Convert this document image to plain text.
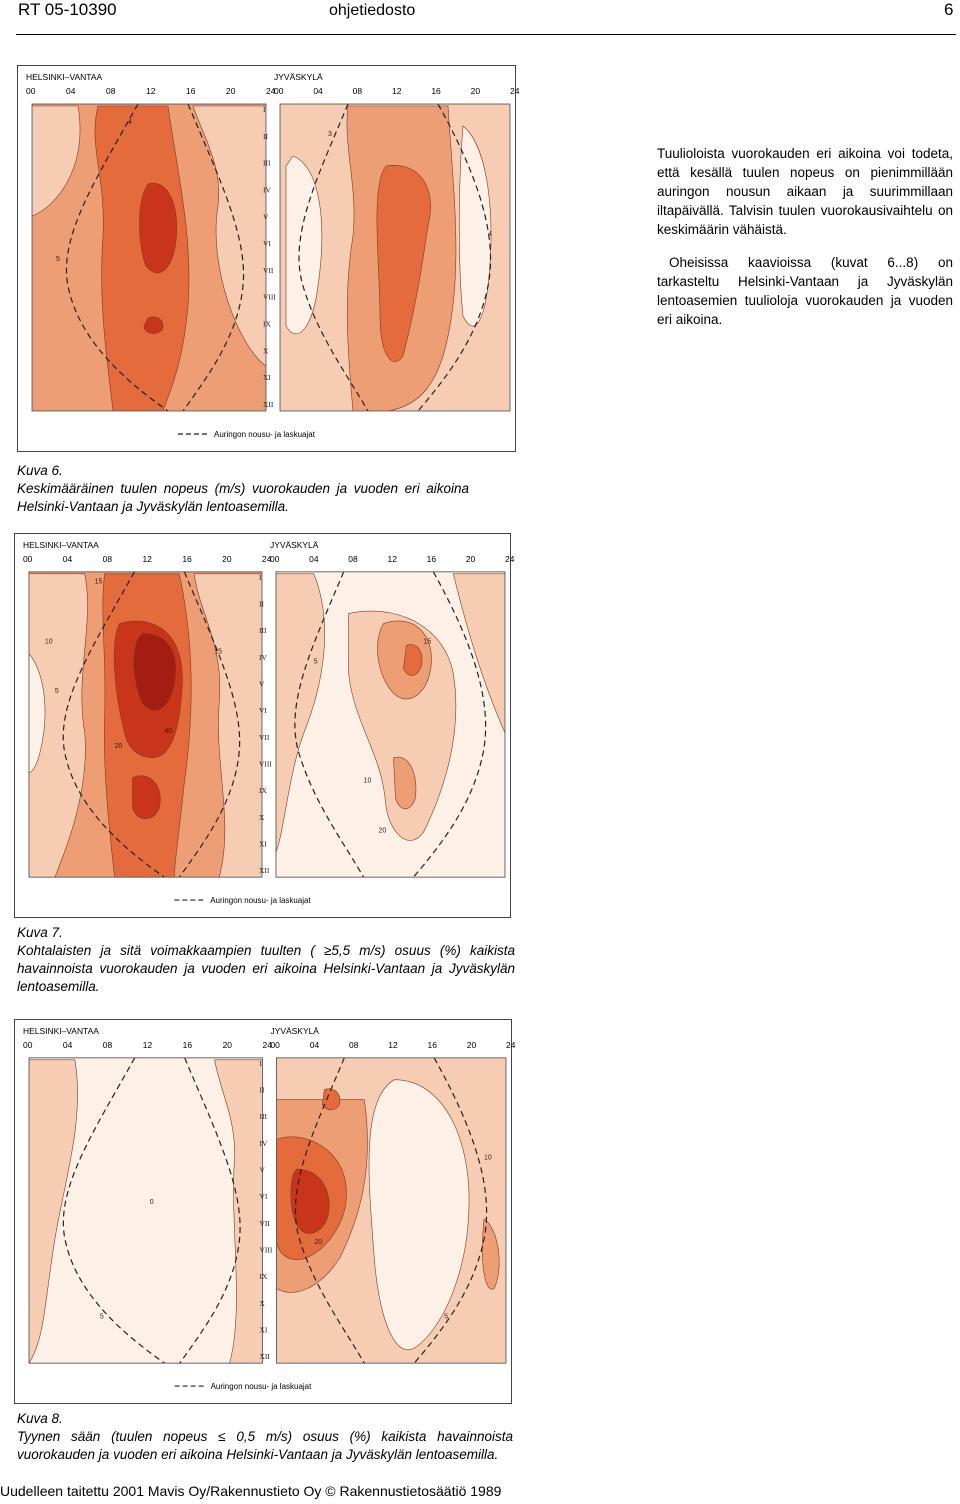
RT 05-10390	ohjetiedosto	6

Tuulioloista vuorokauden eri aikoina voi todeta, että kesällä tuulen nopeus on pienimmillään auringon nousun aikaan ja suurimmillaan iltapäivällä. Talvisin tuulen vuorokausivaihtelu on keskimäärin vähäistä.

Oheisissa kaavioissa (kuvat 6...8) on tarkasteltu Helsinki-Vantaan ja Jyväskylän lentoasemien tuulioloja vuorokauden ja vuoden eri aikoina.

HELSINKI–VANTAA	JYVÄSKYLÄ
00	00
04	04
08	08
12	12
16	16
20	20
24	24
I
II
III
IV
V
VI
VII
VIII
IX
X
XI
XII
4
5
3
4
Auringon nousu- ja laskuajat
Kuva 6.
Keskimääräinen tuulen nopeus (m/s) vuorokauden ja vuoden eri aikoina Helsinki-Vantaan ja Jyväskylän lentoasemilla.
HELSINKI–VANTAA	JYVÄSKYLÄ
00	00
04	04
08	08
12	12
16	16
20	20
24	24
I
II
III
IV
V
VI
VII
VIII
IX
X
XI
XII
15
10
5
20
40
15
5
10
15
20
Auringon nousu- ja laskuajat
Kuva 7.
Kohtalaisten ja sitä voimakkaampien tuulten ( ≥5,5 m/s) osuus (%) kaikista havainnoista vuorokauden ja vuoden eri aikoina Helsinki-Vantaan ja Jyväskylän lentoasemilla.
HELSINKI–VANTAA	JYVÄSKYLÄ
00	00
04	04
08	08
12	12
16	16
20	20
24	24
I
II
III
IV
V
VI
VII
VIII
IX
X
XI
XII
5
0
10
20
5
Auringon nousu- ja laskuajat
Kuva 8.
Tyynen sään (tuulen nopeus ≤ 0,5 m/s) osuus (%) kaikista havainnoista vuorokauden ja vuoden eri aikoina Helsinki-Vantaan ja Jyväskylän lentoasemilla.
Uudelleen taitettu 2001 Mavis Oy/Rakennustieto Oy © Rakennustietosäätiö 1989
